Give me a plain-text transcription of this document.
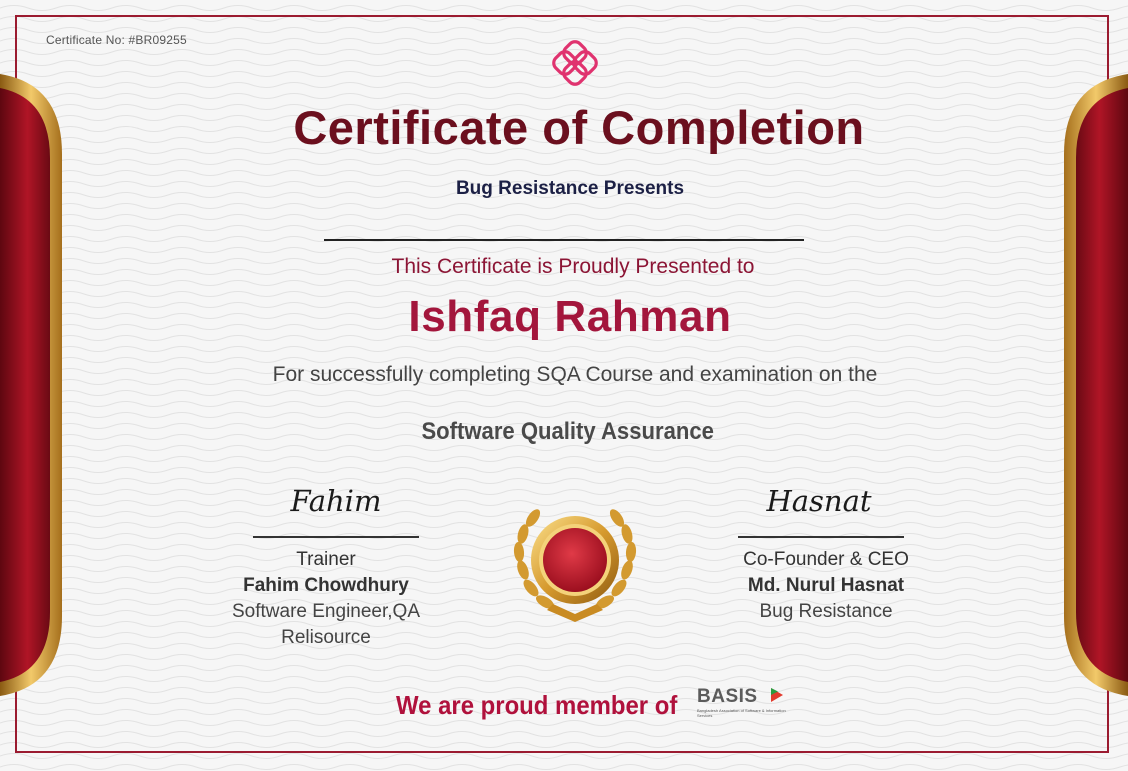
Certificate No: #BR09255
Certificate of Completion
Bug Resistance Presents
This Certificate is Proudly Presented to
Ishfaq Rahman
For successfully completing SQA Course and examination on the
Software Quality Assurance
Fahim
Trainer
Fahim Chowdhury
Software Engineer,QA
Relisource
Hasnat
Co-Founder & CEO
Md. Nurul Hasnat
Bug Resistance
We are proud member of BASIS
Bangladesh Association of Software & Information Services
